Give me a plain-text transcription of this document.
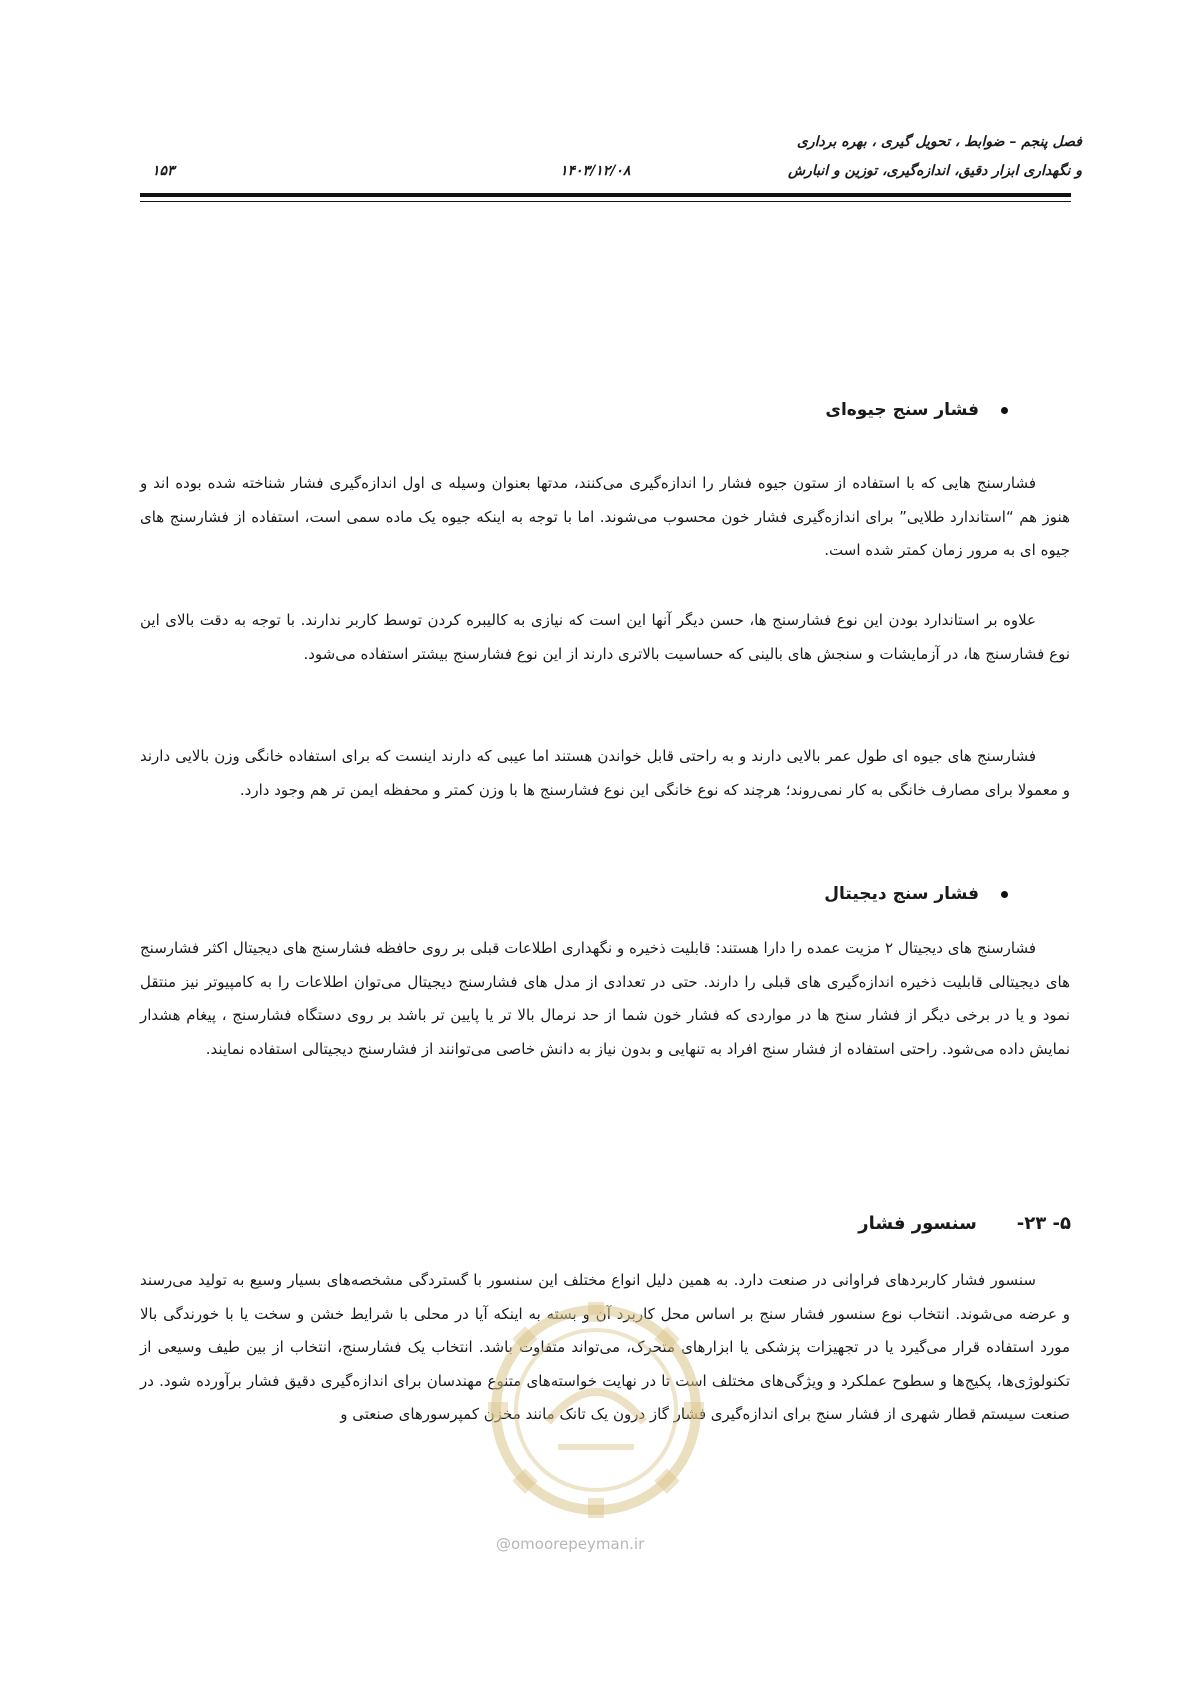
فصل پنجم – ضوابط ، تحویل گیری ، بهره برداری
و نگهداری ابزار دقیق، اندازه‌گیری، توزین و انبارش
۱۴۰۳/۱۲/۰۸
۱۵۳
فشار سنج جیوه‌ای

فشارسنج هایی که با استفاده از ستون جیوه فشار را اندازه‌گیری می‌کنند، مدتها بعنوان وسیله ی اول اندازه‌گیری فشار شناخته شده بوده اند و هنوز هم “استاندارد طلایی” برای اندازه‌گیری فشار خون محسوب می‌شوند. اما با توجه به اینکه جیوه یک ماده سمی است، استفاده از فشارسنج های جیوه ای به مرور زمان کمتر شده است.

علاوه بر استاندارد بودن این نوع فشارسنج ها، حسن دیگر آنها این است که نیازی به کالیبره کردن توسط کاربر ندارند. با توجه به دقت بالای این نوع فشارسنج ها، در آزمایشات و سنجش های بالینی که حساسیت بالاتری دارند از این نوع فشارسنج بیشتر استفاده می‌شود.

فشارسنج های جیوه ای طول عمر بالایی دارند و به راحتی قابل خواندن هستند اما عیبی که دارند اینست که برای استفاده خانگی وزن بالایی دارند و معمولا برای مصارف خانگی به کار نمی‌روند؛ هرچند که نوع خانگی این نوع فشارسنج ها با وزن کمتر و محفظه ایمن تر هم وجود دارد.

فشار سنج دیجیتال

فشارسنج های دیجیتال ۲ مزیت عمده را دارا هستند: قابلیت ذخیره و نگهداری اطلاعات قبلی بر روی حافظه فشارسنج های دیجیتال اکثر فشارسنج های دیجیتالی قابلیت ذخیره اندازه‌گیری های قبلی را دارند. حتی در تعدادی از مدل های فشارسنج دیجیتال می‌توان اطلاعات را به کامپیوتر نیز منتقل نمود و یا در برخی دیگر از فشار سنج ها در مواردی که فشار خون شما از حد نرمال بالا تر یا پایین تر باشد بر روی دستگاه فشارسنج ، پیغام هشدار نمایش داده می‌شود. راحتی استفاده از فشار سنج افراد به تنهایی و بدون نیاز به دانش خاصی می‌توانند از فشارسنج دیجیتالی استفاده نمایند.

۵- ۲۳-سنسور فشار

سنسور فشار کاربردهای فراوانی در صنعت دارد. به همین دلیل انواع مختلف این سنسور با گستردگی مشخصه‌های بسیار وسیع به تولید می‌رسند و عرضه می‌شوند. انتخاب نوع سنسور فشار سنج بر اساس محل کاربرد آن و بسته به اینکه آیا در محلی با شرایط خشن و سخت یا با خورندگی بالا مورد استفاده قرار می‌گیرد یا در تجهیزات پزشکی یا ابزارهای متحرک، می‌تواند متفاوت باشد. انتخاب یک فشارسنج، انتخاب از بین طیف وسیعی از تکنولوژی‌ها، پکیج‌ها و سطوح عملکرد و ویژگی‌های مختلف است تا در نهایت خواسته‌های متنوع مهندسان برای اندازه‌گیری دقیق فشار برآورده شود. در صنعت سیستم قطار شهری از فشار سنج برای اندازه‌گیری فشار گاز درون یک تانک مانند مخزن کمپرسورهای صنعتی و

@omoorepeyman.ir
